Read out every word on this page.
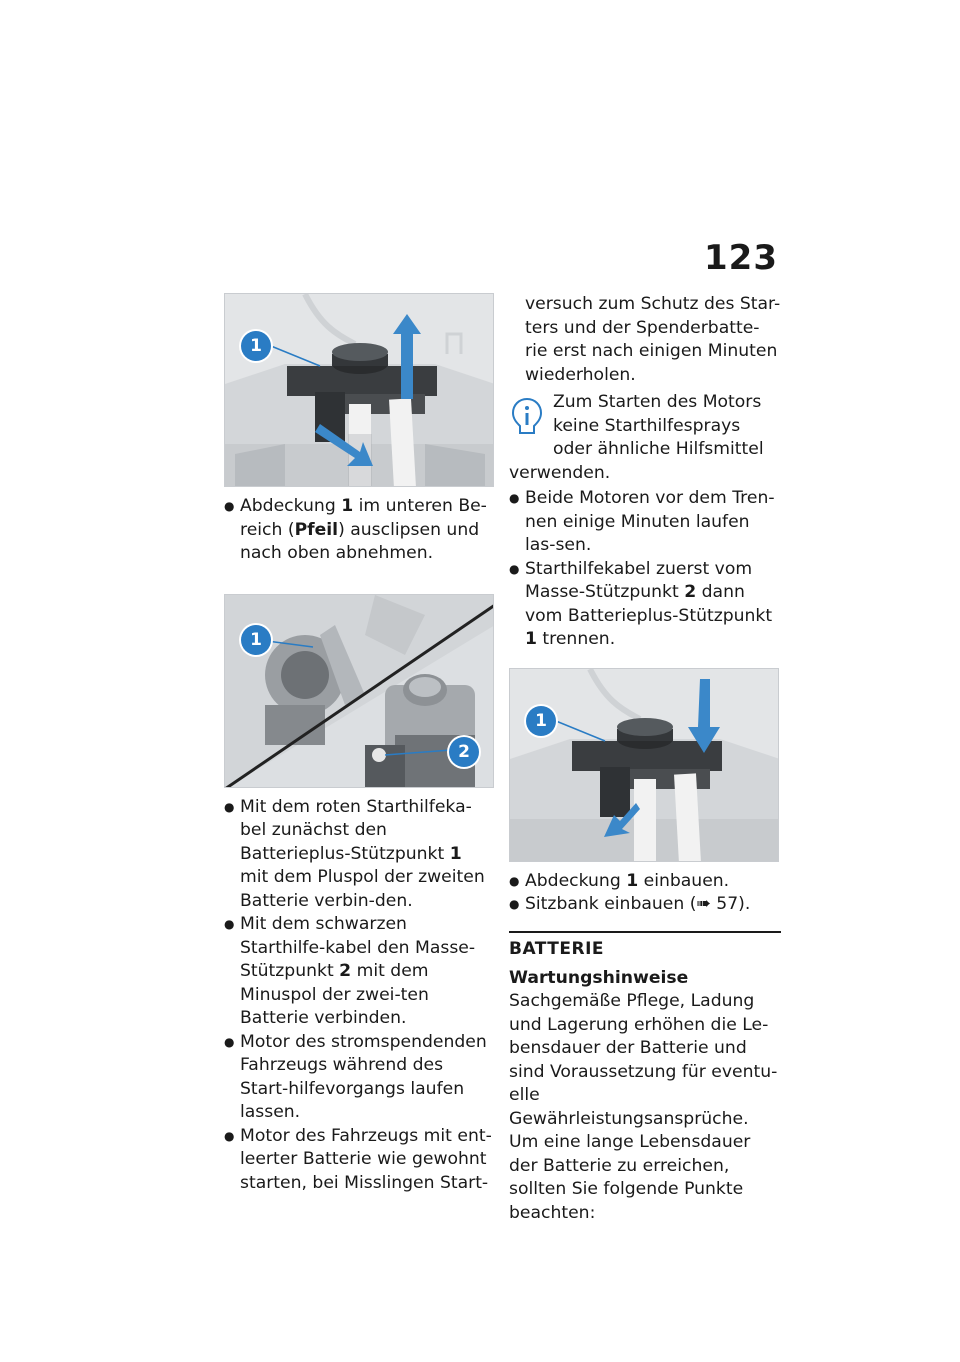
123
1
● Abdeckung 1 im unteren Be-reich (Pfeil) ausclipsen und nach oben abnehmen.
1
2
● Mit dem roten Starthilfeka-bel zunächst den Batterieplus-Stützpunkt 1 mit dem Pluspol der zweiten Batterie verbin-den.
● Mit dem schwarzen Starthilfe-kabel den Masse-Stützpunkt 2 mit dem Minuspol der zwei-ten Batterie verbinden.
● Motor des stromspendenden Fahrzeugs während des Start-hilfevorgangs laufen lassen.
● Motor des Fahrzeugs mit ent-leerter Batterie wie gewohnt starten, bei Misslingen Start-

versuch zum Schutz des Star-ters und der Spenderbatte-rie erst nach einigen Minuten wiederholen.

Zum Starten des Motors keine Starthilfesprays oder ähnliche Hilfsmittel verwenden.
● Beide Motoren vor dem Tren-nen einige Minuten laufen las-sen.
● Starthilfekabel zuerst vom Masse-Stützpunkt 2 dann vom Batterieplus-Stützpunkt 1 trennen.
1
● Abdeckung 1 einbauen.
● Sitzbank einbauen (➠ 57).
BATTERIE
Wartungshinweise

Sachgemäße Pflege, Ladung und Lagerung erhöhen die Le-bensdauer der Batterie und sind Voraussetzung für eventu-elle Gewährleistungsansprüche. Um eine lange Lebensdauer der Batterie zu erreichen, sollten Sie folgende Punkte beachten:
